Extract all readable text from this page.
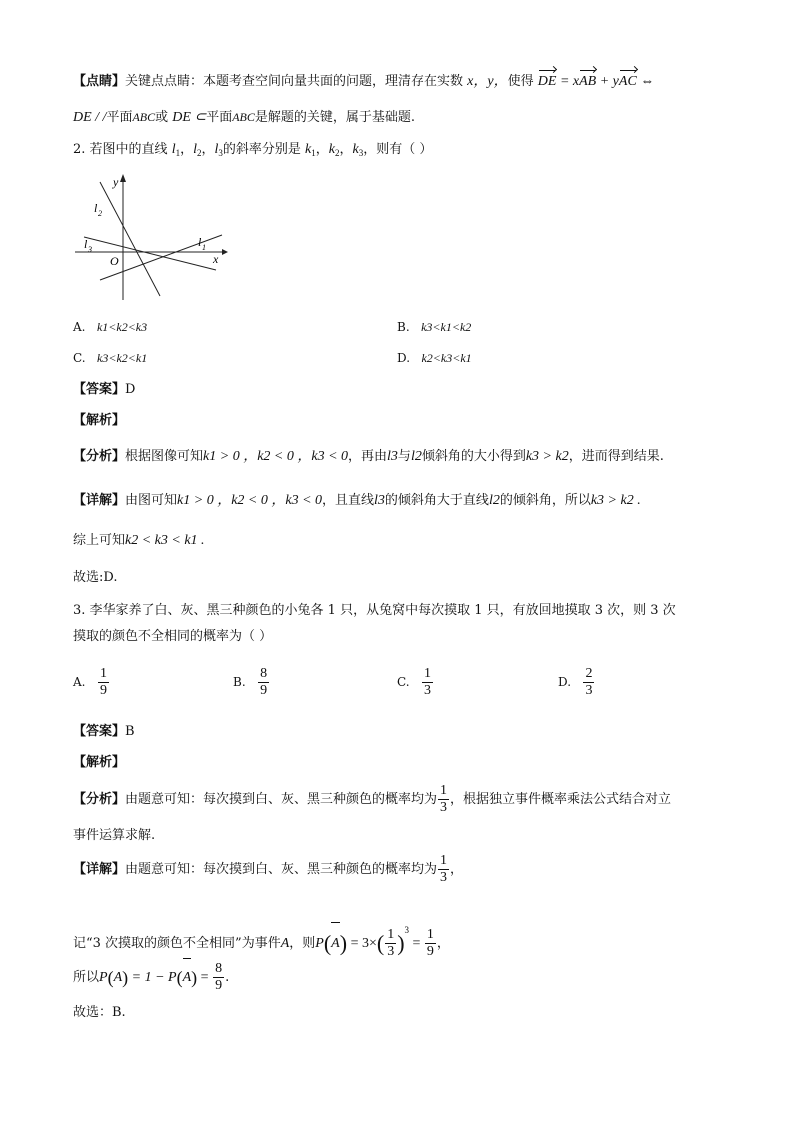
【点睛】关键点点睛：本题考查空间向量共面的问题，理清存在实数 x，y，使得 DE = xAB + yAC ⇔
DE / /平面ABC或 DE ⊂平面ABC是解题的关键，属于基础题.
2. 若图中的直线 $l_1$，$l_2$，$l_3$的斜率分别是 $k_1$，$k_2$，$k_3$，则有（ ）
y
x
O
l 2
l 3
l 1
A. k1<k2<k3	B. k3<k1<k2
C. k3<k2<k1	D. k2<k3<k1
【答案】D
【解析】
【分析】根据图像可知k1 > 0 ，k2 < 0 ，k3 < 0，再由l3与l2倾斜角的大小得到k3 > k2，进而得到结果.
【详解】由图可知k1 > 0 ，k2 < 0 ，k3 < 0，且直线l3的倾斜角大于直线l2的倾斜角，所以k3 > k2 .
综上可知k2 < k3 < k1 .
故选:D.
3. 李华家养了白、灰、黑三种颜色的小兔各 1 只，从兔窝中每次摸取 1 只，有放回地摸取 3 次，则 3 次
摸取的颜色不全相同的概率为（ ）
A. $\frac{1}{9}$	B. $\frac{8}{9}$	C. $\frac{1}{3}$	D. $\frac{2}{3}$
【答案】B
【解析】
【分析】由题意可知：每次摸到白、灰、黑三种颜色的概率均为 $\frac{1}{3}$ ，根据独立事件概率乘法公式结合对立
事件运算求解.
【详解】由题意可知：每次摸到白、灰、黑三种颜色的概率均为 $\frac{1}{3}$ ，
记“3 次摸取的颜色不全相同”为事件A，则$P(A) = 3\times( \frac{1}{3} )^3 = \frac{1}{9}$ ，
所以$P(A) = 1 - P(A) = \frac{8}{9}$ .
故选：B.
